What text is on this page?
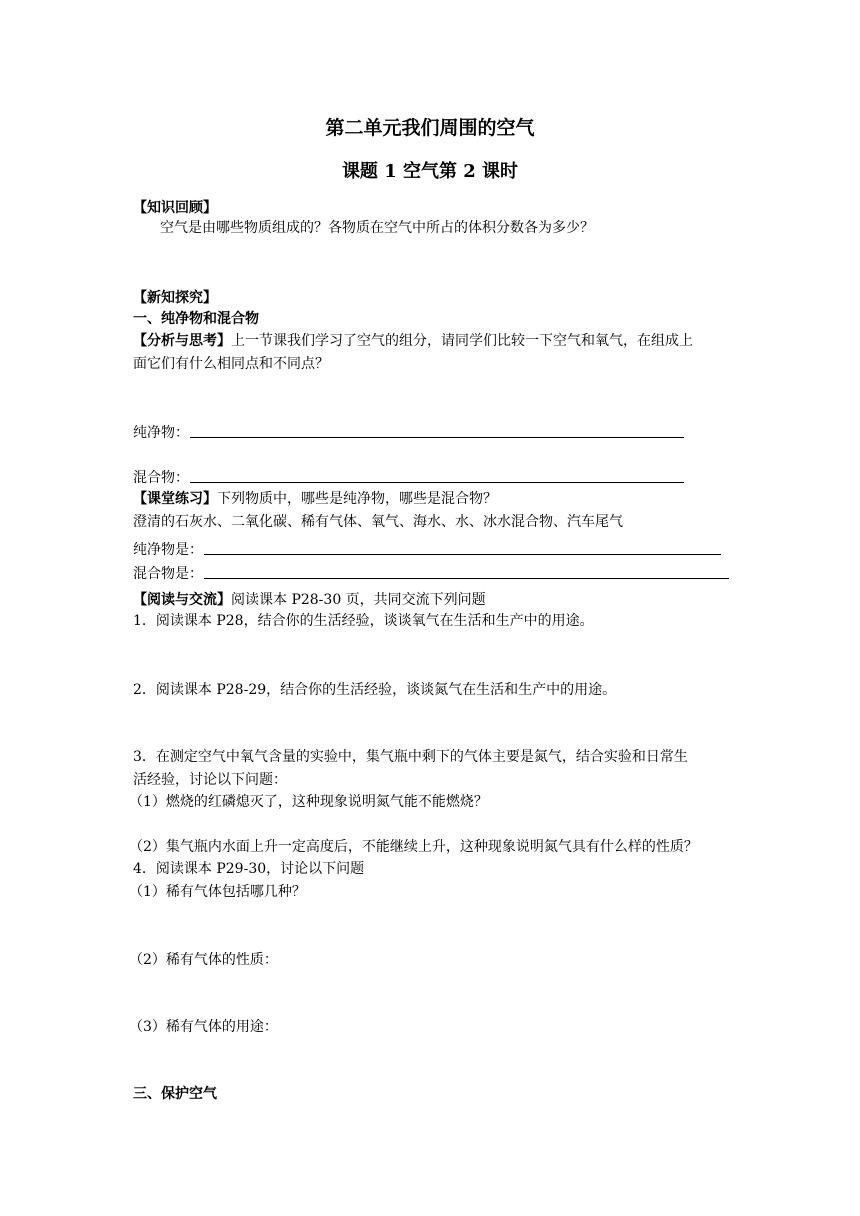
第二单元我们周围的空气
课题 1 空气第 2 课时
【知识回顾】
空气是由哪些物质组成的？各物质在空气中所占的体积分数各为多少？
【新知探究】
一、纯净物和混合物
【分析与思考】上一节课我们学习了空气的组分，请同学们比较一下空气和氧气，在组成上
面它们有什么相同点和不同点？
纯净物：
混合物：
【课堂练习】下列物质中，哪些是纯净物，哪些是混合物？
澄清的石灰水、二氧化碳、稀有气体、氧气、海水、水、冰水混合物、汽车尾气
纯净物是：
混合物是：
【阅读与交流】阅读课本 P28-30 页，共同交流下列问题
1．阅读课本 P28，结合你的生活经验，谈谈氧气在生活和生产中的用途。
2．阅读课本 P28-29，结合你的生活经验，谈谈氮气在生活和生产中的用途。
3．在测定空气中氧气含量的实验中，集气瓶中剩下的气体主要是氮气，结合实验和日常生
活经验，讨论以下问题：
（1）燃烧的红磷熄灭了，这种现象说明氮气能不能燃烧？
（2）集气瓶内水面上升一定高度后，不能继续上升，这种现象说明氮气具有什么样的性质？
4．阅读课本 P29-30，讨论以下问题
（1）稀有气体包括哪几种？
（2）稀有气体的性质：
（3）稀有气体的用途：
三、保护空气
